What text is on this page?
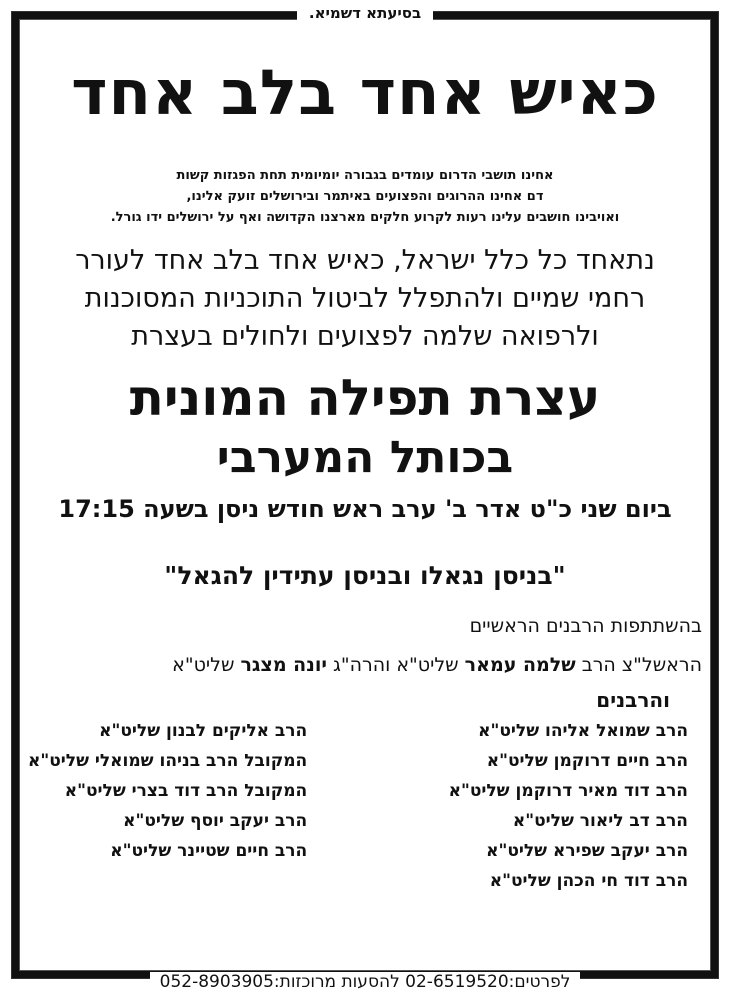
בסיעתא דשמיא.
כאיש אחד בלב אחד
אחינו תושבי הדרום עומדים בגבורה יומיומית תחת הפגזות קשות
דם אחינו ההרוגים והפצועים באיתמר ובירושלים זועק אלינו,
ואויבינו חושבים עלינו רעות לקרוע חלקים מארצנו הקדושה ואף על ירושלים ידו גורל.
נתאחד כל כלל ישראל, כאיש אחד בלב אחד לעורר
רחמי שמיים ולהתפלל לביטול התוכניות המסוכנות
ולרפואה שלמה לפצועים ולחולים בעצרת
עצרת תפילה המונית
בכותל המערבי
ביום שני כ"ט אדר ב' ערב ראש חודש ניסן בשעה 17:15
"בניסן נגאלו ובניסן עתידין להגאל"
בהשתתפות הרבנים הראשיים
הראשל"צ הרב שלמה עמאר שליט"א והרה"ג יונה מצגר שליט"א
והרבנים
הרב שמואל אליהו שליט"א
הרב חיים דרוקמן שליט"א
הרב דוד מאיר דרוקמן שליט"א
הרב דב ליאור שליט"א
הרב יעקב שפירא שליט"א
הרב דוד חי הכהן שליט"א
הרב אליקים לבנון שליט"א
המקובל הרב בניהו שמואלי שליט"א
המקובל הרב דוד בצרי שליט"א
הרב יעקב יוסף שליט"א
הרב חיים שטיינר שליט"א
לפרטים:02-6519520 להסעות מרוכזות:052-8903905
